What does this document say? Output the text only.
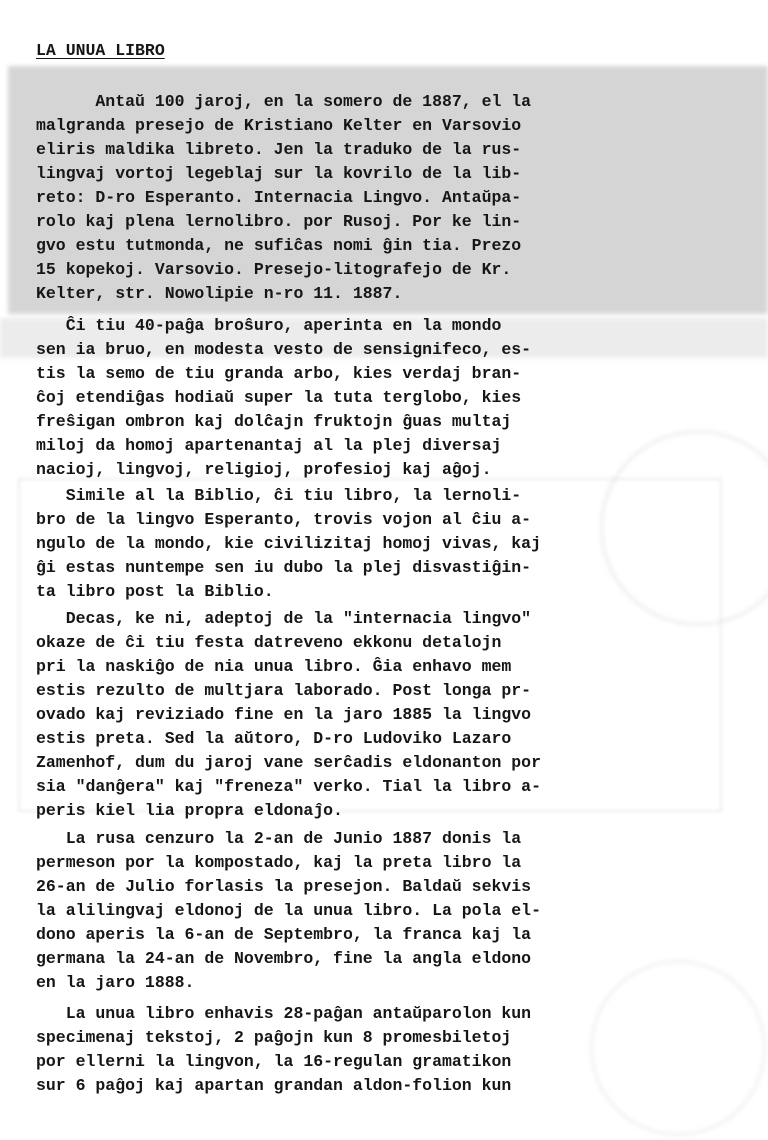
LA UNUA LIBRO

Antaŭ 100 jaroj, en la somero de 1887, el la
malgranda presejo de Kristiano Kelter en Varsovio
eliris maldika libreto. Jen la traduko de la rus-
lingvaj vortoj legeblaj sur la kovrilo de la lib-
reto: D-ro Esperanto. Internacia Lingvo. Antaŭpa-
rolo kaj plena lernolibro. por Rusoj. Por ke lin-
gvo estu tutmonda, ne sufiĉas nomi ĝin tia. Prezo
15 kopekoj. Varsovio. Presejo-litografejo de Kr.
Kelter, str. Nowolipie n-ro 11. 1887.

Ĉi tiu 40-paĝa broŝuro, aperinta en la mondo
sen ia bruo, en modesta vesto de sensignifeco, es-
tis la semo de tiu granda arbo, kies verdaj bran-
ĉoj etendiĝas hodiaŭ super la tuta terglobo, kies
freŝigan ombron kaj dolĉajn fruktojn ĝuas multaj
miloj da homoj apartenantaj al la plej diversaj
nacioj, lingvoj, religioj, profesioj kaj aĝoj.

Simile al la Biblio, ĉi tiu libro, la lernoli-
bro de la lingvo Esperanto, trovis vojon al ĉiu a-
ngulo de la mondo, kie civilizitaj homoj vivas, kaj
ĝi estas nuntempe sen iu dubo la plej disvastiĝin-
ta libro post la Biblio.

Decas, ke ni, adeptoj de la "internacia lingvo"
okaze de ĉi tiu festa datreveno ekkonu detalojn
pri la naskiĝo de nia unua libro. Ĝia enhavo mem
estis rezulto de multjara laborado. Post longa pr-
ovado kaj reviziado fine en la jaro 1885 la lingvo
estis preta. Sed la aŭtoro, D-ro Ludoviko Lazaro
Zamenhof, dum du jaroj vane serĉadis eldonanton por
sia "danĝera" kaj "freneza" verko. Tial la libro a-
peris kiel lia propra eldonaĵo.

La rusa cenzuro la 2-an de Junio 1887 donis la
permeson por la kompostado, kaj la preta libro la
26-an de Julio forlasis la presejon. Baldaŭ sekvis
la alilingvaj eldonoj de la unua libro. La pola el-
dono aperis la 6-an de Septembro, la franca kaj la
germana la 24-an de Novembro, fine la angla eldono
en la jaro 1888.

La unua libro enhavis 28-paĝan antaŭparolon kun
specimenaj tekstoj, 2 paĝojn kun 8 promesbiletoj
por ellerni la lingvon, la 16-regulan gramatikon
sur 6 paĝoj kaj apartan grandan aldon-folion kun
